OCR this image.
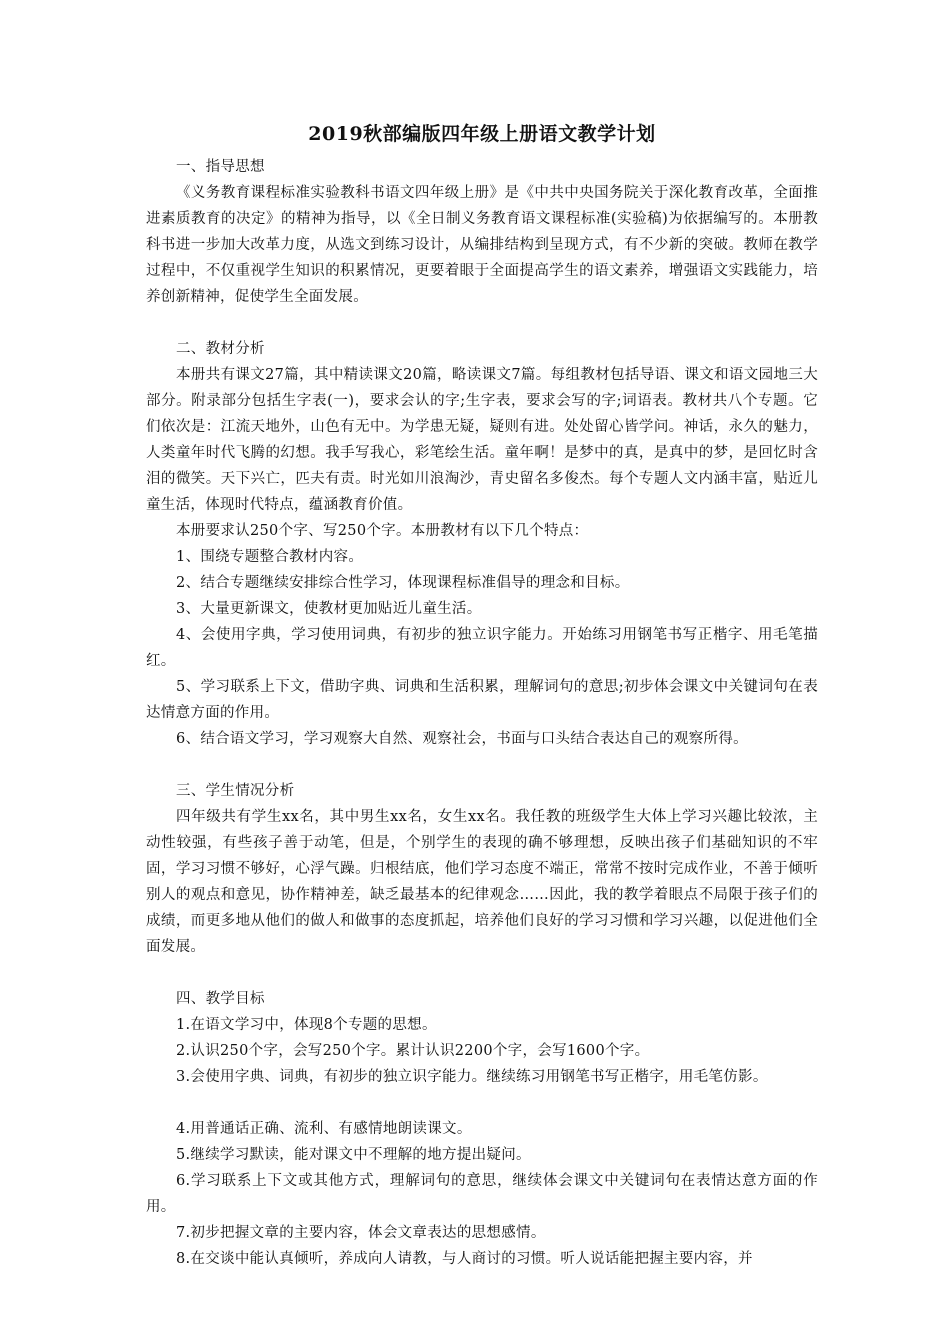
2019秋部编版四年级上册语文教学计划

一、指导思想

《义务教育课程标准实验教科书语文四年级上册》是《中共中央国务院关于深化教育改革，全面推进素质教育的决定》的精神为指导，以《全日制义务教育语文课程标准(实验稿)为依据编写的。本册教科书进一步加大改革力度，从选文到练习设计，从编排结构到呈现方式，有不少新的突破。教师在教学过程中，不仅重视学生知识的积累情况，更要着眼于全面提高学生的语文素养，增强语文实践能力，培养创新精神，促使学生全面发展。

二、教材分析

本册共有课文27篇，其中精读课文20篇，略读课文7篇。每组教材包括导语、课文和语文园地三大部分。附录部分包括生字表(一)，要求会认的字;生字表，要求会写的字;词语表。教材共八个专题。它们依次是：江流天地外，山色有无中。为学患无疑，疑则有进。处处留心皆学问。神话，永久的魅力，人类童年时代飞腾的幻想。我手写我心，彩笔绘生活。童年啊！是梦中的真，是真中的梦，是回忆时含泪的微笑。天下兴亡，匹夫有责。时光如川浪淘沙，青史留名多俊杰。每个专题人文内涵丰富，贴近儿童生活，体现时代特点，蕴涵教育价值。

本册要求认250个字、写250个字。本册教材有以下几个特点：

1、围绕专题整合教材内容。

2、结合专题继续安排综合性学习，体现课程标准倡导的理念和目标。

3、大量更新课文，使教材更加贴近儿童生活。

4、会使用字典，学习使用词典，有初步的独立识字能力。开始练习用钢笔书写正楷字、用毛笔描红。

5、学习联系上下文，借助字典、词典和生活积累，理解词句的意思;初步体会课文中关键词句在表达情意方面的作用。

6、结合语文学习，学习观察大自然、观察社会，书面与口头结合表达自己的观察所得。

三、学生情况分析

四年级共有学生xx名，其中男生xx名，女生xx名。我任教的班级学生大体上学习兴趣比较浓，主动性较强，有些孩子善于动笔，但是，个别学生的表现的确不够理想，反映出孩子们基础知识的不牢固，学习习惯不够好，心浮气躁。归根结底，他们学习态度不端正，常常不按时完成作业，不善于倾听别人的观点和意见，协作精神差，缺乏最基本的纪律观念……因此，我的教学着眼点不局限于孩子们的成绩，而更多地从他们的做人和做事的态度抓起，培养他们良好的学习习惯和学习兴趣，以促进他们全面发展。

四、教学目标

1.在语文学习中，体现8个专题的思想。

2.认识250个字，会写250个字。累计认识2200个字，会写1600个字。

3.会使用字典、词典，有初步的独立识字能力。继续练习用钢笔书写正楷字，用毛笔仿影。

4.用普通话正确、流利、有感情地朗读课文。

5.继续学习默读，能对课文中不理解的地方提出疑问。

6.学习联系上下文或其他方式，理解词句的意思，继续体会课文中关键词句在表情达意方面的作用。

7.初步把握文章的主要内容，体会文章表达的思想感情。

8.在交谈中能认真倾听，养成向人请教，与人商讨的习惯。听人说话能把握主要内容，并
